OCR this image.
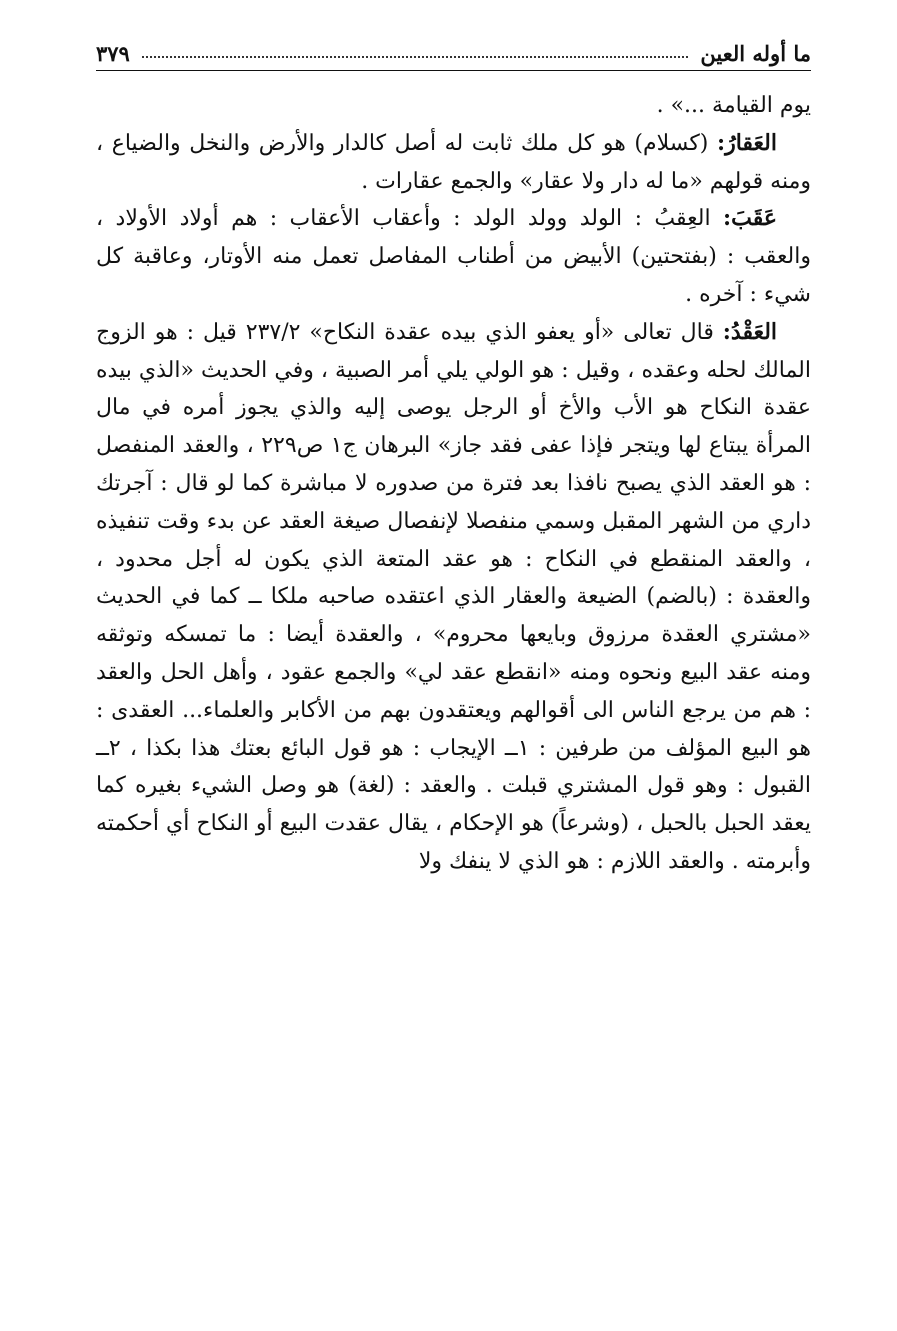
ما أوله العين
٣٧٩

يوم القيامة ...» .

العَقارُ: (كسلام) هو كل ملك ثابت له أصل كالدار والأرض والنخل والضياع ، ومنه قولهم «ما له دار ولا عقار» والجمع عقارات .

عَقَبَ: العِقبُ : الولد وولد الولد : وأعقاب الأعقاب : هم أولاد الأولاد ، والعقب : (بفتحتين) الأبيض من أطناب المفاصل تعمل منه الأوتار، وعاقبة كل شيء : آخره .

العَقْدُ: قال تعالى «أو يعفو الذي بيده عقدة النكاح» ٢٣٧/٢ قيل : هو الزوج المالك لحله وعقده ، وقيل : هو الولي يلي أمر الصبية ، وفي الحديث «الذي بيده عقدة النكاح هو الأب والأخ أو الرجل يوصى إليه والذي يجوز أمره في مال المرأة يبتاع لها ويتجر فإذا عفى فقد جاز» البرهان ج١ ص٢٢٩ ، والعقد المنفصل : هو العقد الذي يصبح نافذا بعد فترة من صدوره لا مباشرة كما لو قال : آجرتك داري من الشهر المقبل وسمي منفصلا لإنفصال صيغة العقد عن بدء وقت تنفيذه ، والعقد المنقطع في النكاح : هو عقد المتعة الذي يكون له أجل محدود ، والعقدة : (بالضم) الضيعة والعقار الذي اعتقده صاحبه ملكا ــ كما في الحديث «مشتري العقدة مرزوق وبايعها محروم» ، والعقدة أيضا : ما تمسكه وتوثقه ومنه عقد البيع ونحوه ومنه «انقطع عقد لي» والجمع عقود ، وأهل الحل والعقد : هم من يرجع الناس الى أقوالهم ويعتقدون بهم من الأكابر والعلماء... العقدى : هو البيع المؤلف من طرفين : ١ــ الإيجاب : هو قول البائع بعتك هذا بكذا ، ٢ــ القبول : وهو قول المشتري قبلت . والعقد : (لغة) هو وصل الشيء بغيره كما يعقد الحبل بالحبل ، (وشرعاً) هو الإحكام ، يقال عقدت البيع أو النكاح أي أحكمته وأبرمته . والعقد اللازم : هو الذي لا ينفك ولا
